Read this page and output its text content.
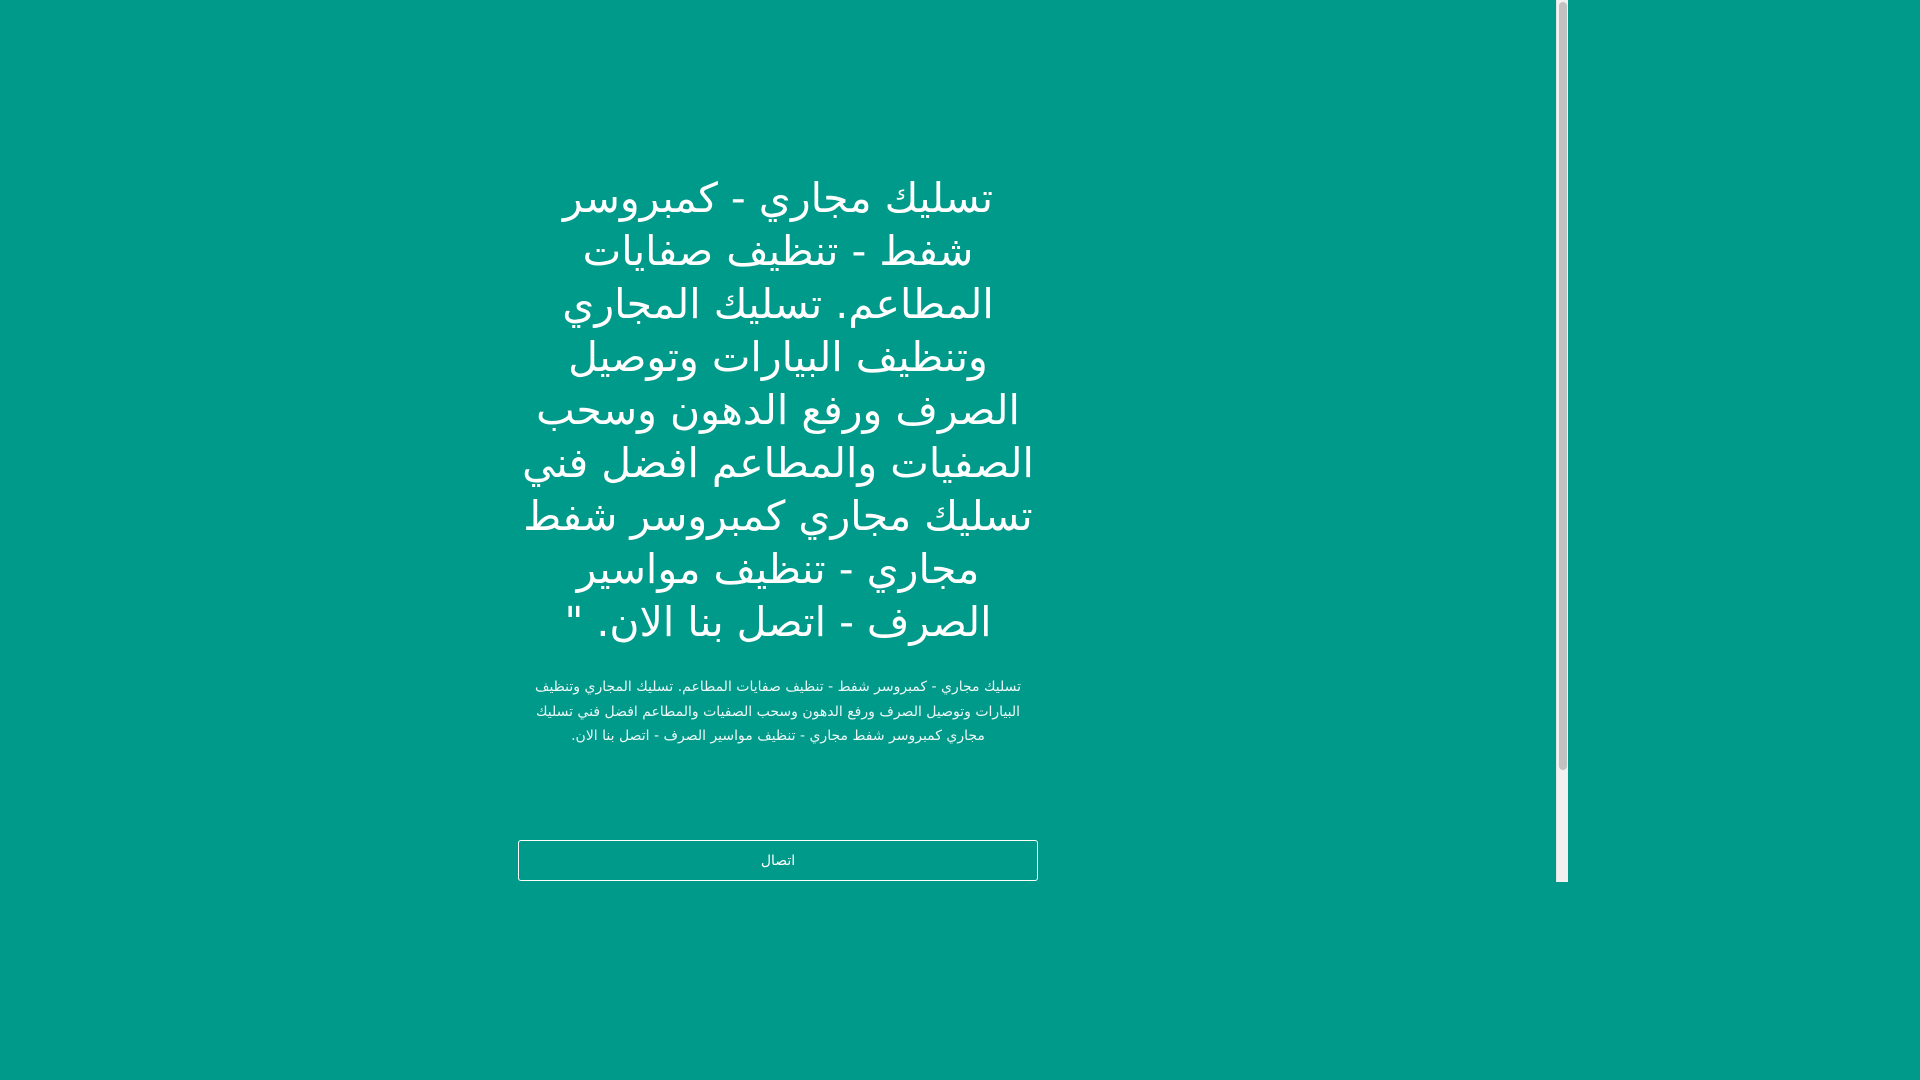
تسليك مجاري - كمبروسر شفط - تنظيف صفايات المطاعم. تسليك المجاري وتنظيف البيارات وتوصيل الصرف ورفع الدهون وسحب الصفيات والمطاعم افضل فني تسليك مجاري كمبروسر شفط مجاري - تنظيف مواسير الصرف - اتصل بنا الان. "

تسليك مجاري - كمبروسر شفط - تنظيف صفايات المطاعم. تسليك المجاري وتنظيف البيارات وتوصيل الصرف ورفع الدهون وسحب الصفيات والمطاعم افضل فني تسليك مجاري كمبروسر شفط مجاري - تنظيف مواسير الصرف - اتصل بنا الان.

اتصال
